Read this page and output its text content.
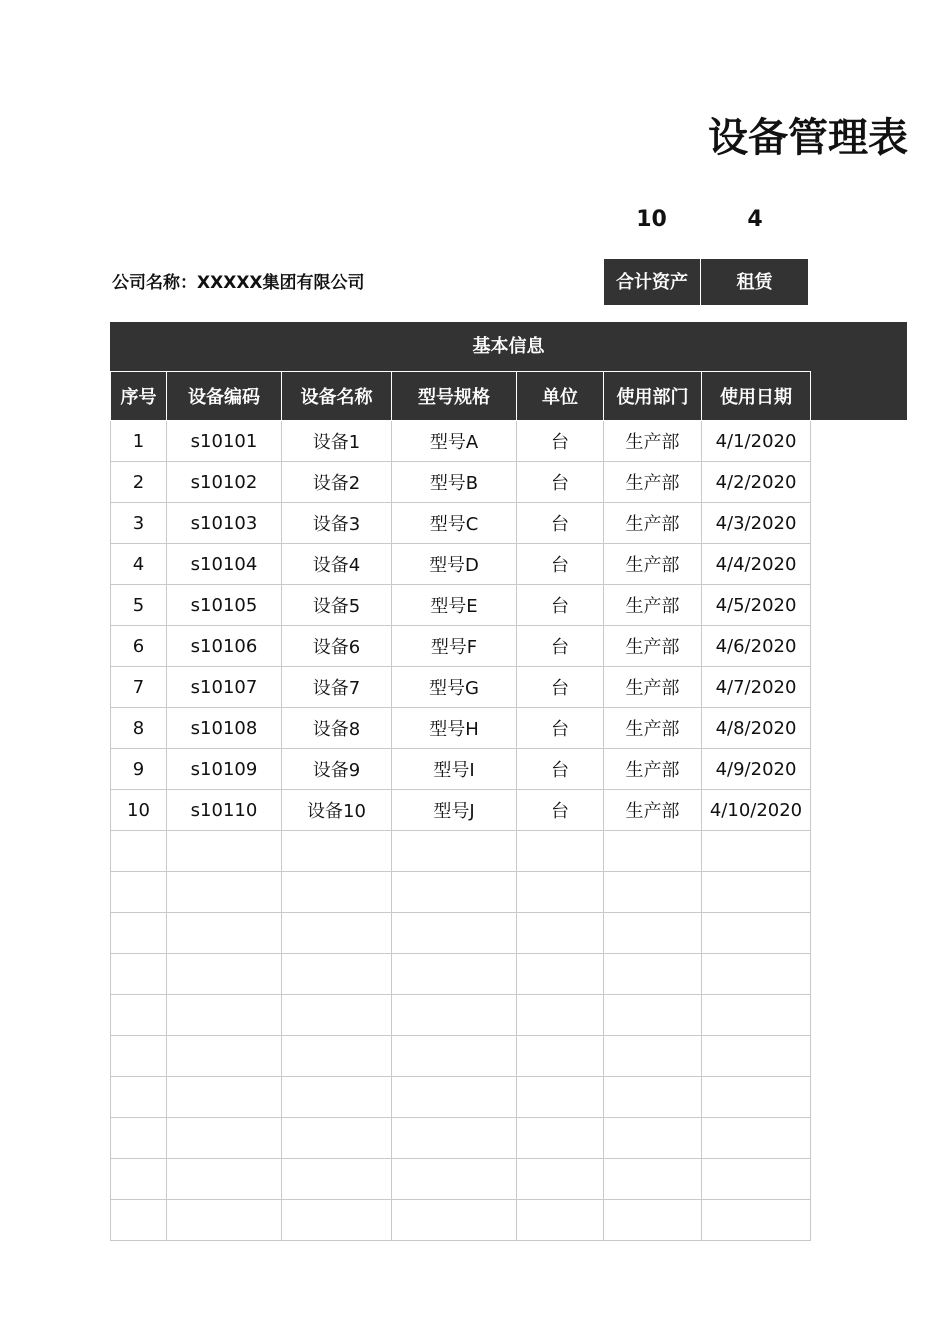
设备管理表
10	4
公司名称：XXXXX集团有限公司	合计资产	租赁
基本信息
序号	设备编码	设备名称	型号规格	单位	使用部门	使用日期
1	s10101	设备1	型号A	台	生产部	4/1/2020
2	s10102	设备2	型号B	台	生产部	4/2/2020
3	s10103	设备3	型号C	台	生产部	4/3/2020
4	s10104	设备4	型号D	台	生产部	4/4/2020
5	s10105	设备5	型号E	台	生产部	4/5/2020
6	s10106	设备6	型号F	台	生产部	4/6/2020
7	s10107	设备7	型号G	台	生产部	4/7/2020
8	s10108	设备8	型号H	台	生产部	4/8/2020
9	s10109	设备9	型号I	台	生产部	4/9/2020
10	s10110	设备10	型号J	台	生产部	4/10/2020
